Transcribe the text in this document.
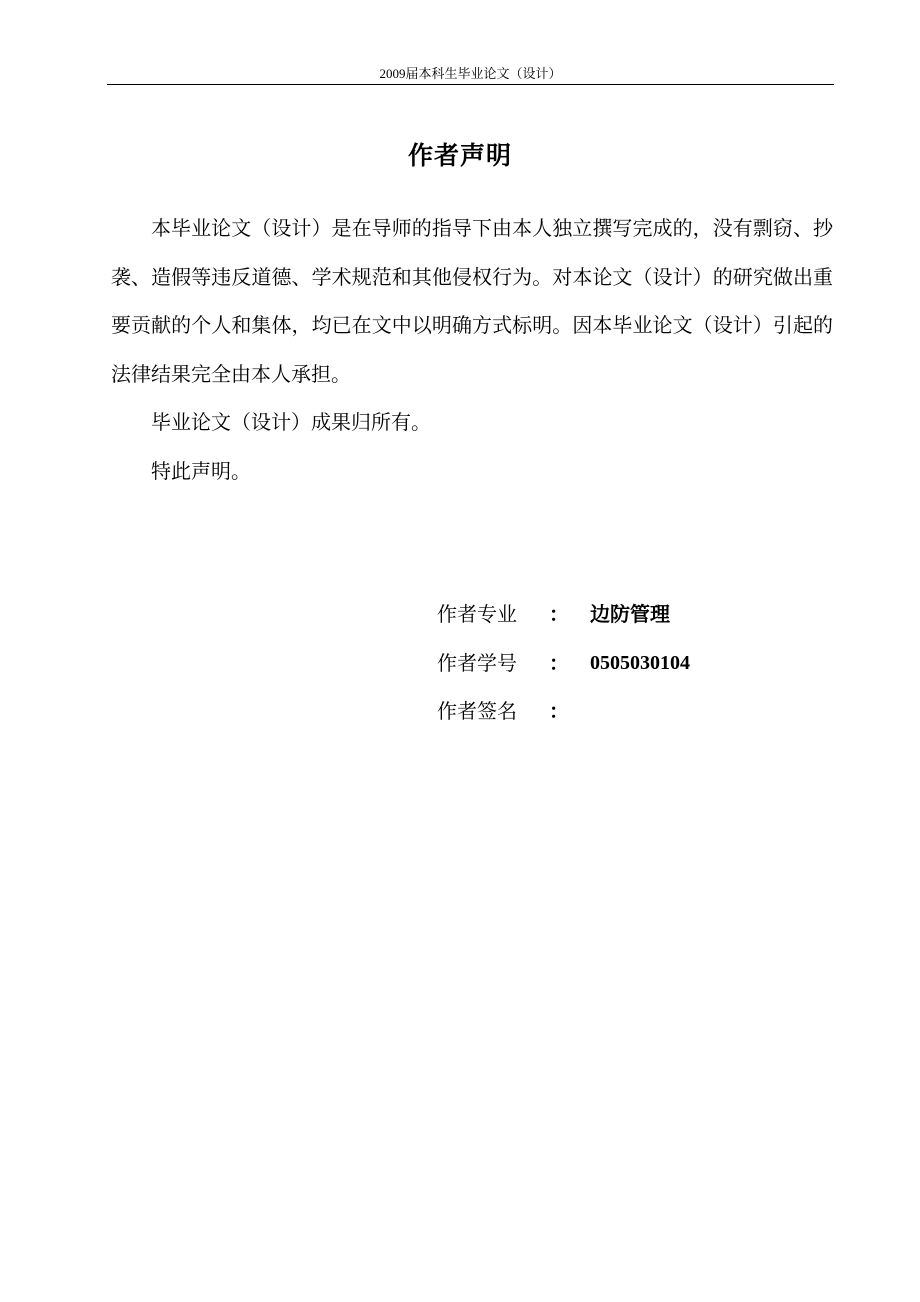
2009届本科生毕业论文（设计）
作者声明

本毕业论文（设计）是在导师的指导下由本人独立撰写完成的，没有剽窃、抄袭、造假等违反道德、学术规范和其他侵权行为。对本论文（设计）的研究做出重要贡献的个人和集体，均已在文中以明确方式标明。因本毕业论文（设计）引起的法律结果完全由本人承担。

毕业论文（设计）成果归所有。

特此声明。

作者专业 ： 边防管理
作者学号 ： 0505030104
作者签名 ：
